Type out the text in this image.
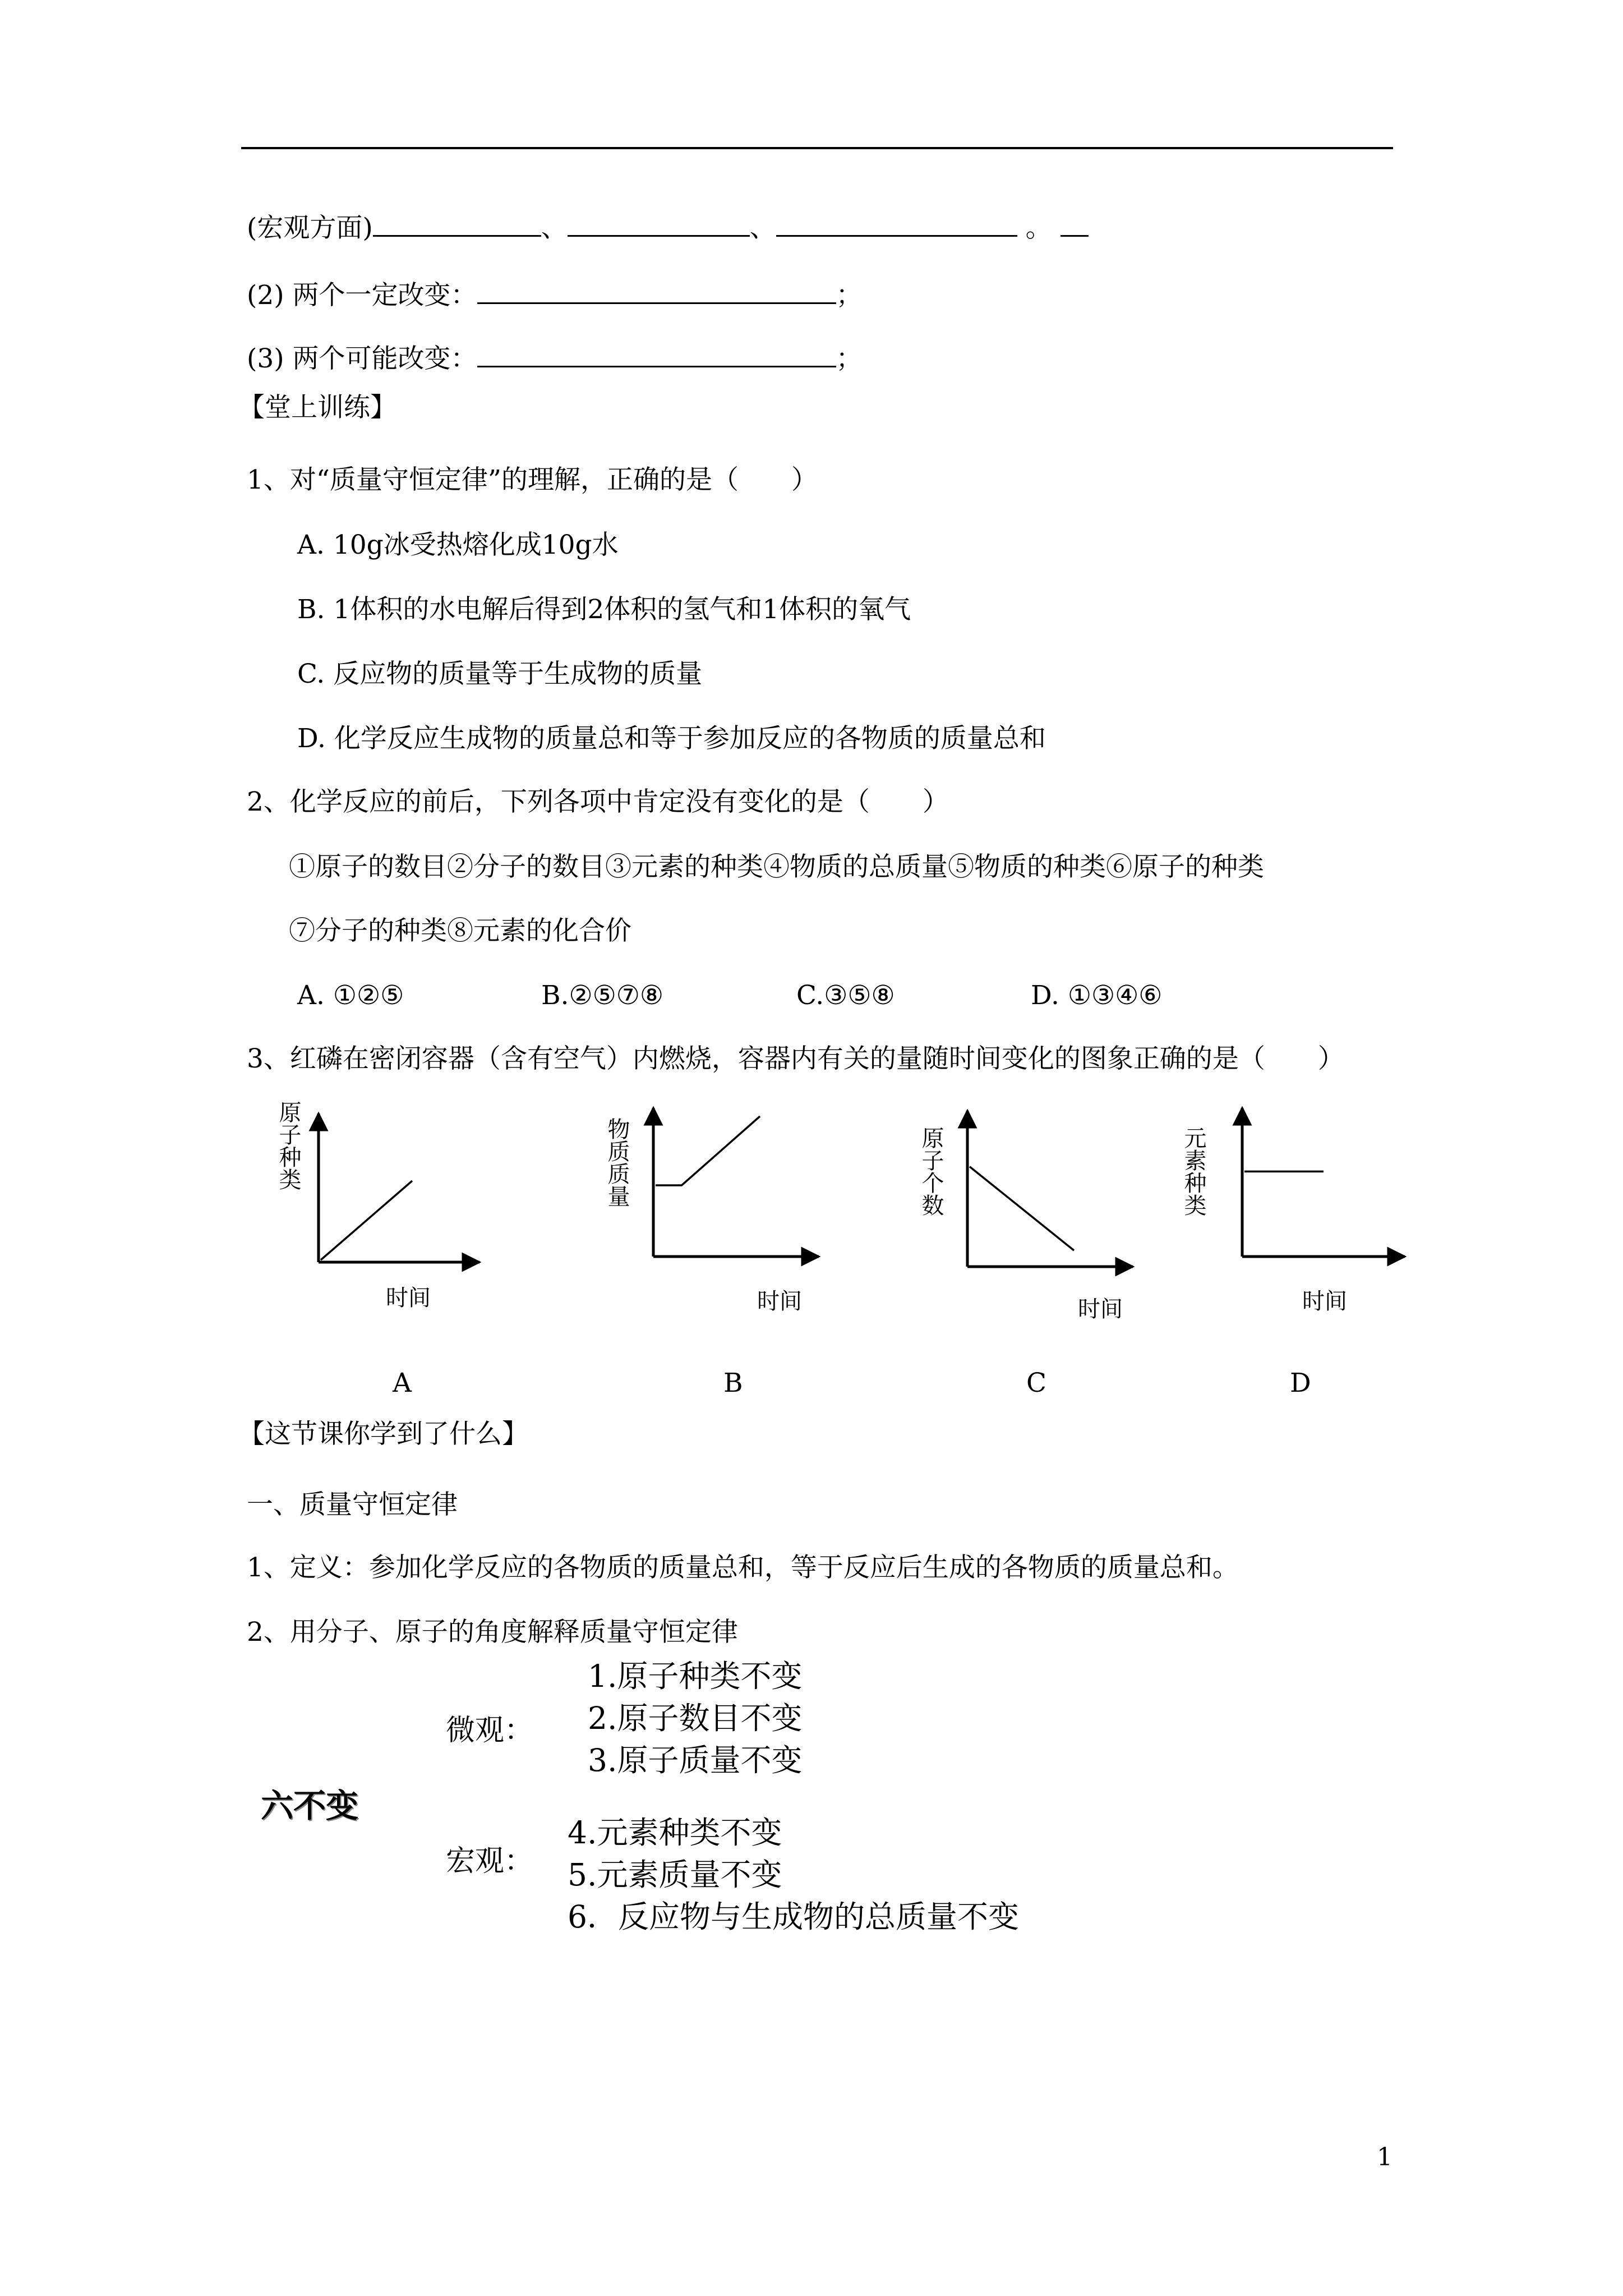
(宏观方面)	、	、	。
(2) 两个一定改变：	；
(3) 两个可能改变：	；
【堂上训练】
1、对“质量守恒定律”的理解，正确的是（　　）
A. 10g冰受热熔化成10g水
B. 1体积的水电解后得到2体积的氢气和1体积的氧气
C. 反应物的质量等于生成物的质量
D. 化学反应生成物的质量总和等于参加反应的各物质的质量总和
2、化学反应的前后，下列各项中肯定没有变化的是（　　）
①原子的数目②分子的数目③元素的种类④物质的总质量⑤物质的种类⑥原子的种类
⑦分子的种类⑧元素的化合价
A. ①②⑤	B.②⑤⑦⑧	C.③⑤⑧	D. ①③④⑥
3、红磷在密闭容器（含有空气）内燃烧，容器内有关的量随时间变化的图象正确的是（　　）
原子种类
时间
A
物质质量
时间
B
原子个数
时间
C
元素种类
时间
D
【这节课你学到了什么】
一、质量守恒定律
1、定义：参加化学反应的各物质的质量总和，等于反应后生成的各物质的质量总和。
2、用分子、原子的角度解释质量守恒定律
六不变
微观：
宏观：
1.原子种类不变
2.原子数目不变
3.原子质量不变
4.元素种类不变
5.元素质量不变
6．反应物与生成物的总质量不变
1
